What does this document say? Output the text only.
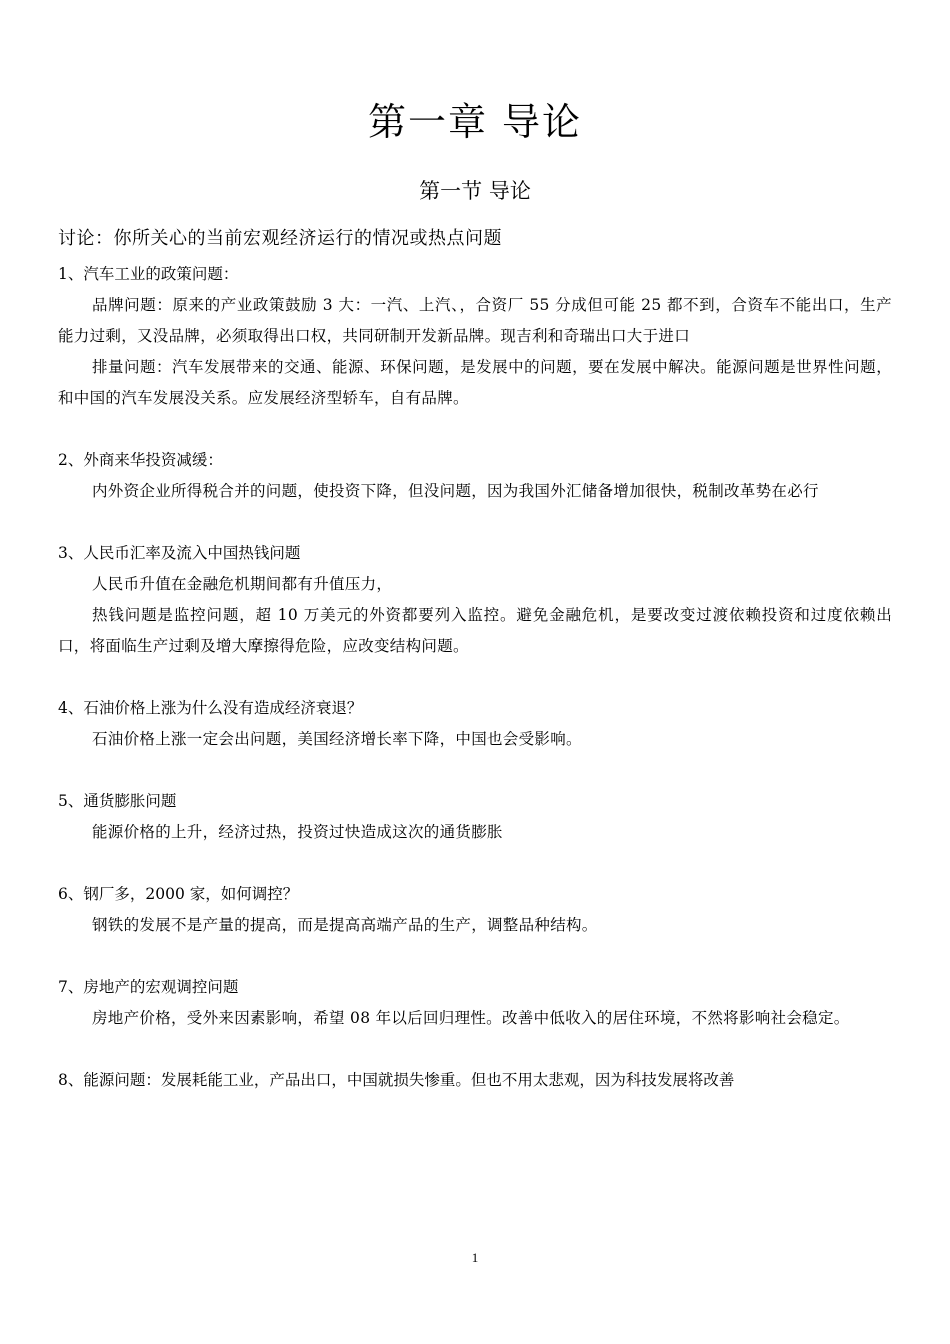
第一章 导论
第一节 导论

讨论：你所关心的当前宏观经济运行的情况或热点问题

1、汽车工业的政策问题：

品牌问题：原来的产业政策鼓励 3 大：一汽、上汽、，合资厂 55 分成但可能 25 都不到，合资车不能出口，生产能力过剩，又没品牌，必须取得出口权，共同研制开发新品牌。现吉利和奇瑞出口大于进口

排量问题：汽车发展带来的交通、能源、环保问题，是发展中的问题，要在发展中解决。能源问题是世界性问题，和中国的汽车发展没关系。应发展经济型轿车，自有品牌。

2、外商来华投资减缓：

内外资企业所得税合并的问题，使投资下降，但没问题，因为我国外汇储备增加很快，税制改革势在必行

3、人民币汇率及流入中国热钱问题

人民币升值在金融危机期间都有升值压力，

热钱问题是监控问题，超 10 万美元的外资都要列入监控。避免金融危机，是要改变过渡依赖投资和过度依赖出口，将面临生产过剩及增大摩擦得危险，应改变结构问题。

4、石油价格上涨为什么没有造成经济衰退？

石油价格上涨一定会出问题，美国经济增长率下降，中国也会受影响。

5、通货膨胀问题

能源价格的上升，经济过热，投资过快造成这次的通货膨胀

6、钢厂多，2000 家，如何调控？

钢铁的发展不是产量的提高，而是提高高端产品的生产，调整品种结构。

7、房地产的宏观调控问题

房地产价格，受外来因素影响，希望 08 年以后回归理性。改善中低收入的居住环境，不然将影响社会稳定。

8、能源问题：发展耗能工业，产品出口，中国就损失惨重。但也不用太悲观，因为科技发展将改善

1
